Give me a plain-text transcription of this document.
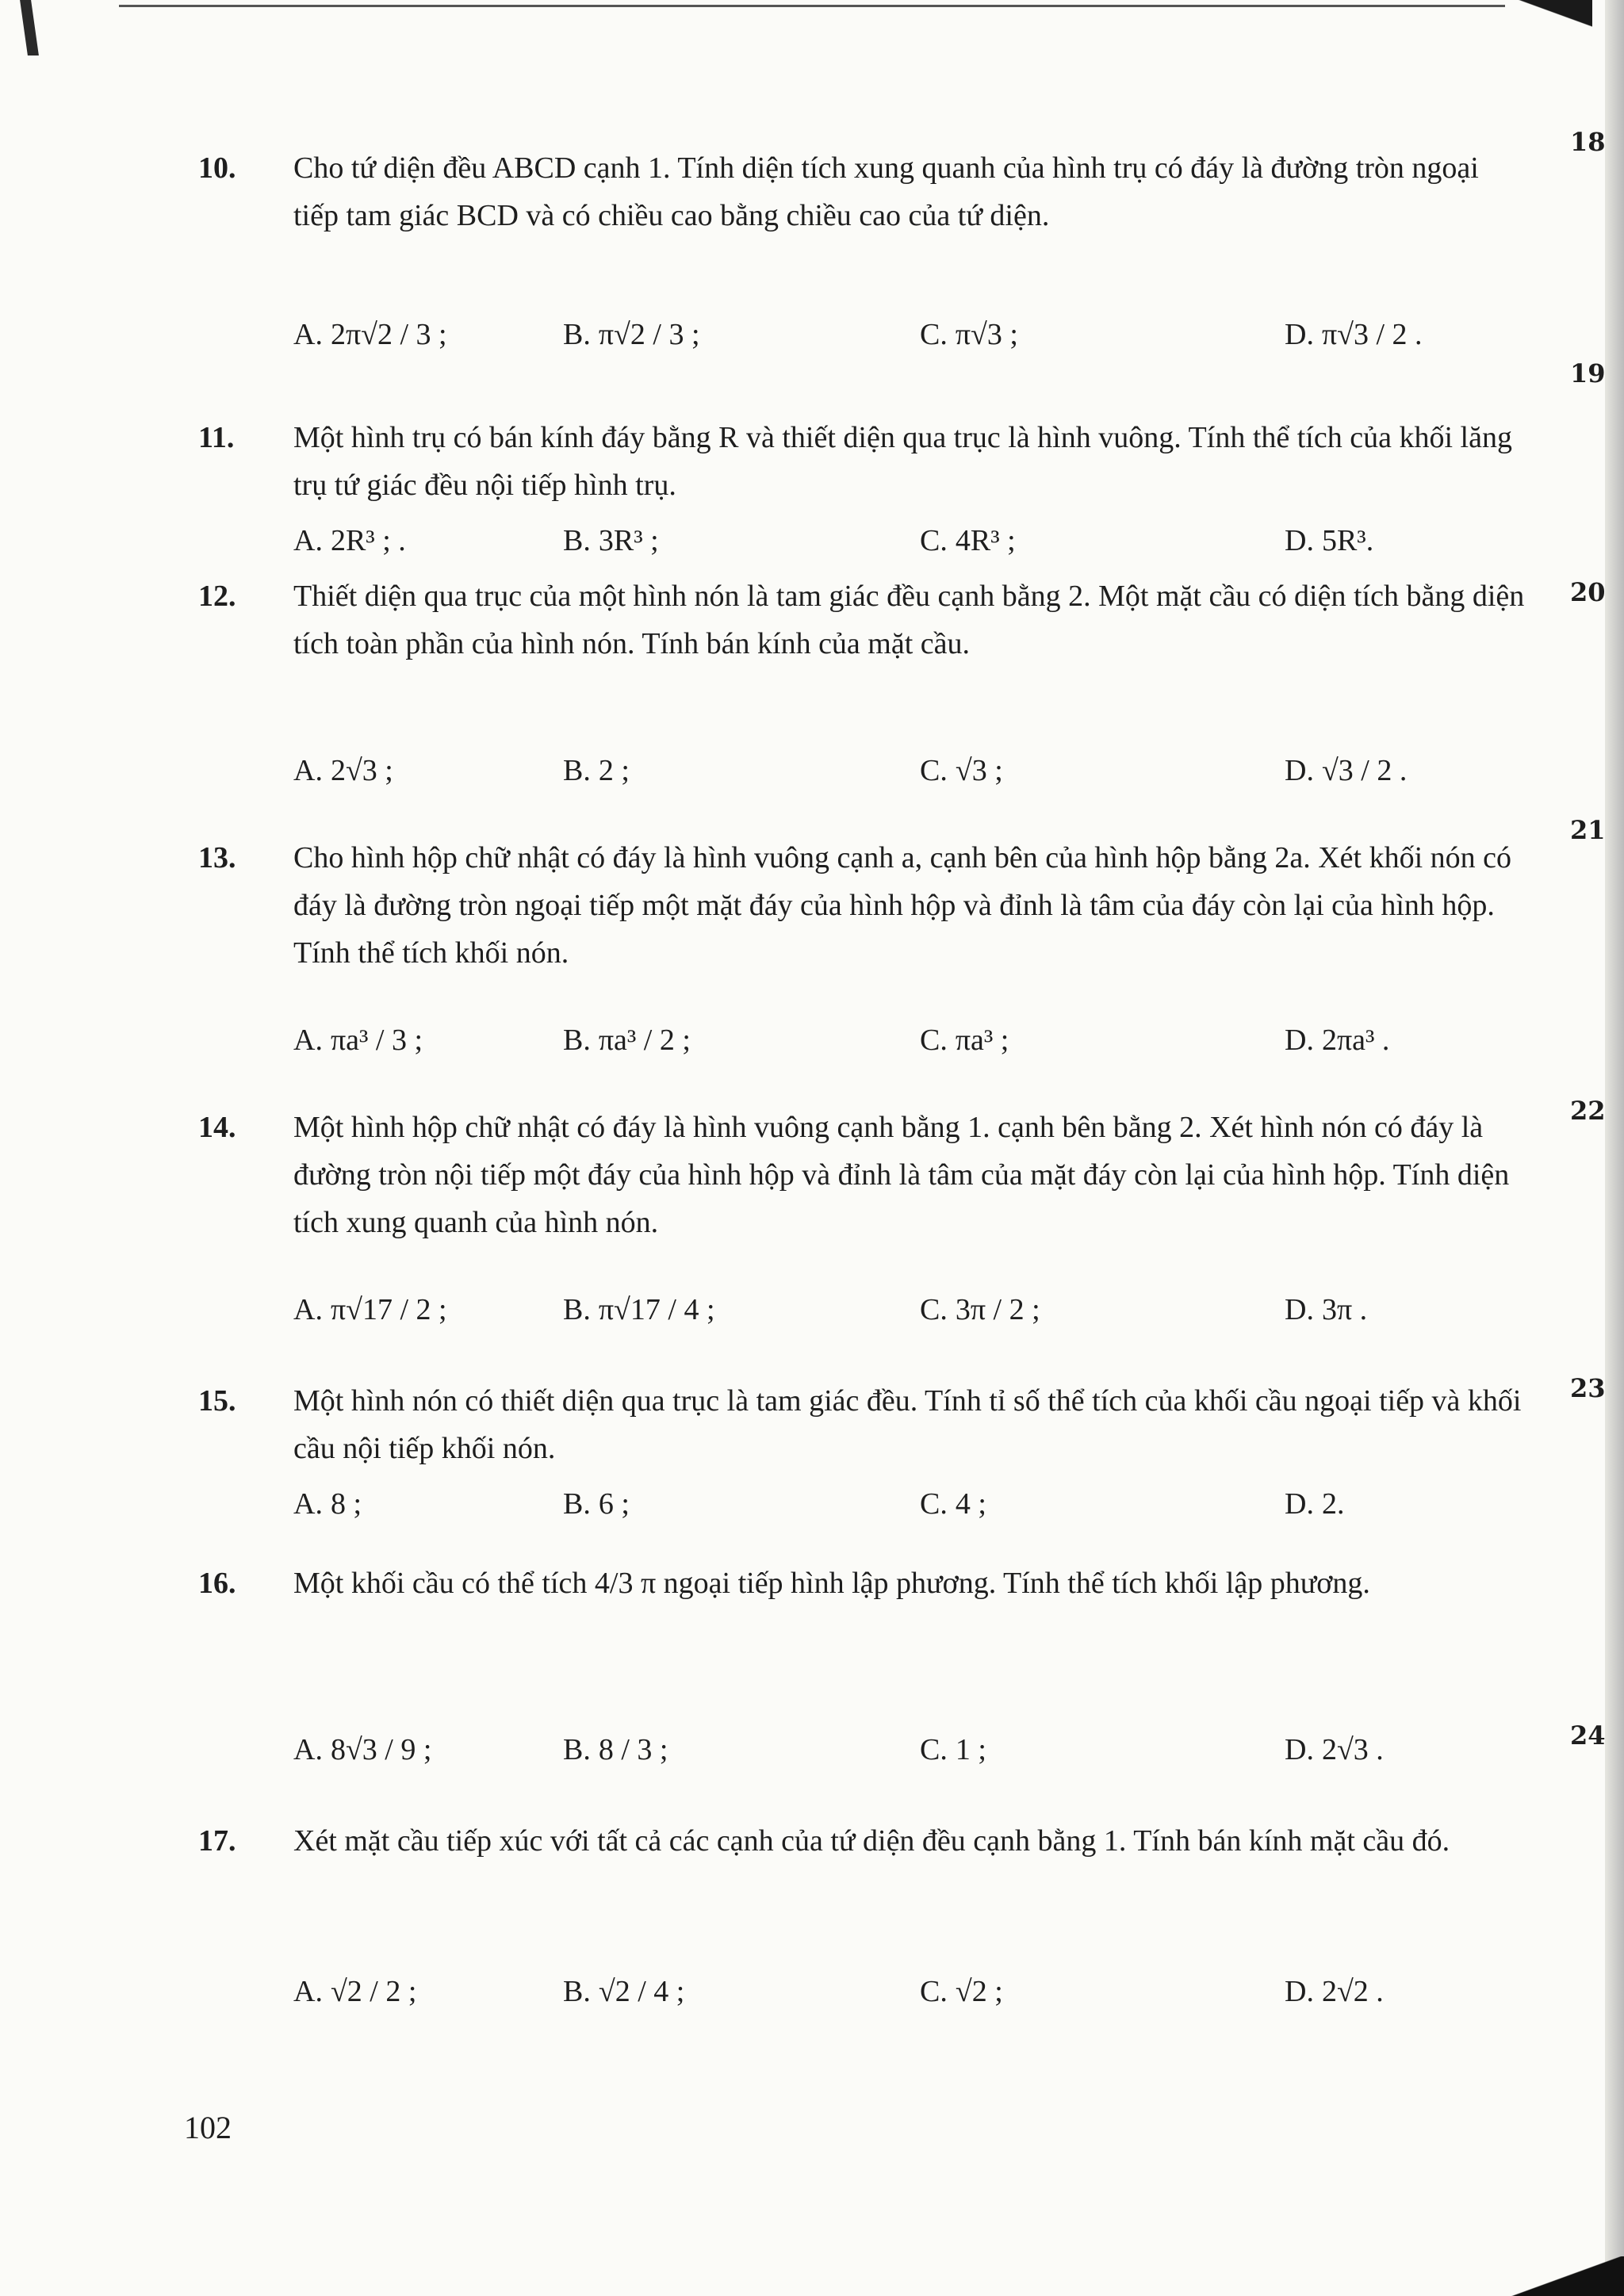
18
19
20
21
22
23
24
10. Cho tứ diện đều ABCD cạnh 1. Tính diện tích xung quanh của hình trụ có đáy là đường tròn ngoại tiếp tam giác BCD và có chiều cao bằng chiều cao của tứ diện.
A. 2π√2 / 3 ;	B. π√2 / 3 ;	C. π√3 ;	D. π√3 / 2 .
11. Một hình trụ có bán kính đáy bằng R và thiết diện qua trục là hình vuông. Tính thể tích của khối lăng trụ tứ giác đều nội tiếp hình trụ.
A. 2R³ ; .	B. 3R³ ;	C. 4R³ ;	D. 5R³.
12. Thiết diện qua trục của một hình nón là tam giác đều cạnh bằng 2. Một mặt cầu có diện tích bằng diện tích toàn phần của hình nón. Tính bán kính của mặt cầu.
A. 2√3 ;	B. 2 ;	C. √3 ;	D. √3 / 2 .
13. Cho hình hộp chữ nhật có đáy là hình vuông cạnh a, cạnh bên của hình hộp bằng 2a. Xét khối nón có đáy là đường tròn ngoại tiếp một mặt đáy của hình hộp và đỉnh là tâm của đáy còn lại của hình hộp. Tính thể tích khối nón.
A. πa³ / 3 ;	B. πa³ / 2 ;	C. πa³ ;	D. 2πa³ .
14. Một hình hộp chữ nhật có đáy là hình vuông cạnh bằng 1. cạnh bên bằng 2. Xét hình nón có đáy là đường tròn nội tiếp một đáy của hình hộp và đỉnh là tâm của mặt đáy còn lại của hình hộp. Tính diện tích xung quanh của hình nón.
A. π√17 / 2 ;	B. π√17 / 4 ;	C. 3π / 2 ;	D. 3π .
15. Một hình nón có thiết diện qua trục là tam giác đều. Tính tỉ số thể tích của khối cầu ngoại tiếp và khối cầu nội tiếp khối nón.
A. 8 ;	B. 6 ;	C. 4 ;	D. 2.
16. Một khối cầu có thể tích 4/3 π ngoại tiếp hình lập phương. Tính thể tích khối lập phương.
A. 8√3 / 9 ;	B. 8 / 3 ;	C. 1 ;	D. 2√3 .
17. Xét mặt cầu tiếp xúc với tất cả các cạnh của tứ diện đều cạnh bằng 1. Tính bán kính mặt cầu đó.
A. √2 / 2 ;	B. √2 / 4 ;	C. √2 ;	D. 2√2 .
102
